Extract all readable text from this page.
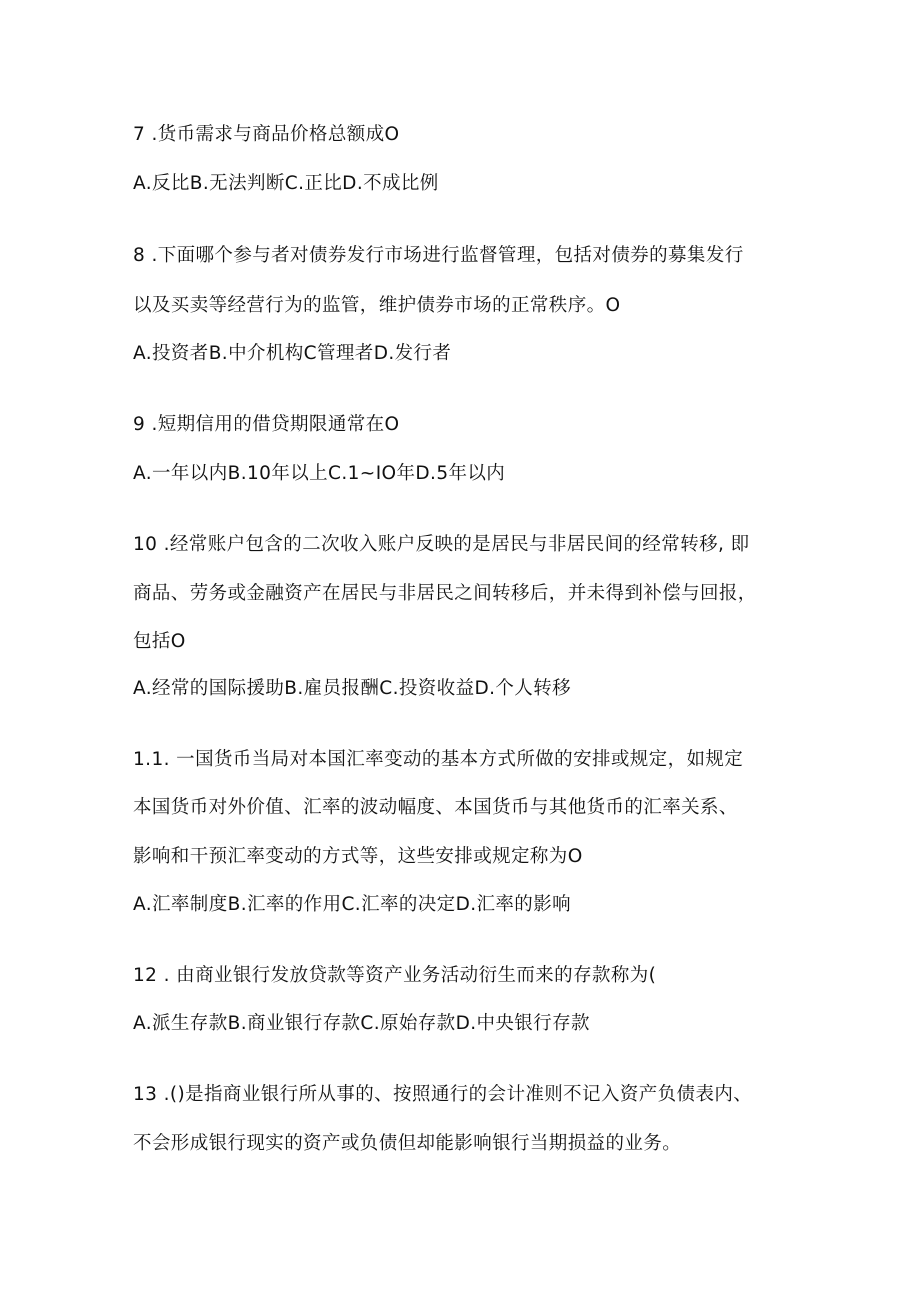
7 .货币需求与商品价格总额成O
A.反比B.无法判断C.正比D.不成比例
8 .下面哪个参与者对债券发行市场进行监督管理，包括对债券的募集发行
以及买卖等经营行为的监管，维护债券市场的正常秩序。O
A.投资者B.中介机构C管理者D.发行者
9 .短期信用的借贷期限通常在O
A.一年以内B.10年以上C.1~IO年D.5年以内
10 .经常账户包含的二次收入账户反映的是居民与非居民间的经常转移, 即
商品、劳务或金融资产在居民与非居民之间转移后，并未得到补偿与回报，
包括O
A.经常的国际援助B.雇员报酬C.投资收益D.个人转移
1.1. 一国货币当局对本国汇率变动的基本方式所做的安排或规定，如规定
本国货币对外价值、汇率的波动幅度、本国货币与其他货币的汇率关系、
影响和干预汇率变动的方式等，这些安排或规定称为O
A.汇率制度B.汇率的作用C.汇率的决定D.汇率的影响
12 . 由商业银行发放贷款等资产业务活动衍生而来的存款称为(
A.派生存款B.商业银行存款C.原始存款D.中央银行存款
13 .()是指商业银行所从事的、按照通行的会计准则不记入资产负债表内、
不会形成银行现实的资产或负债但却能影响银行当期损益的业务。
